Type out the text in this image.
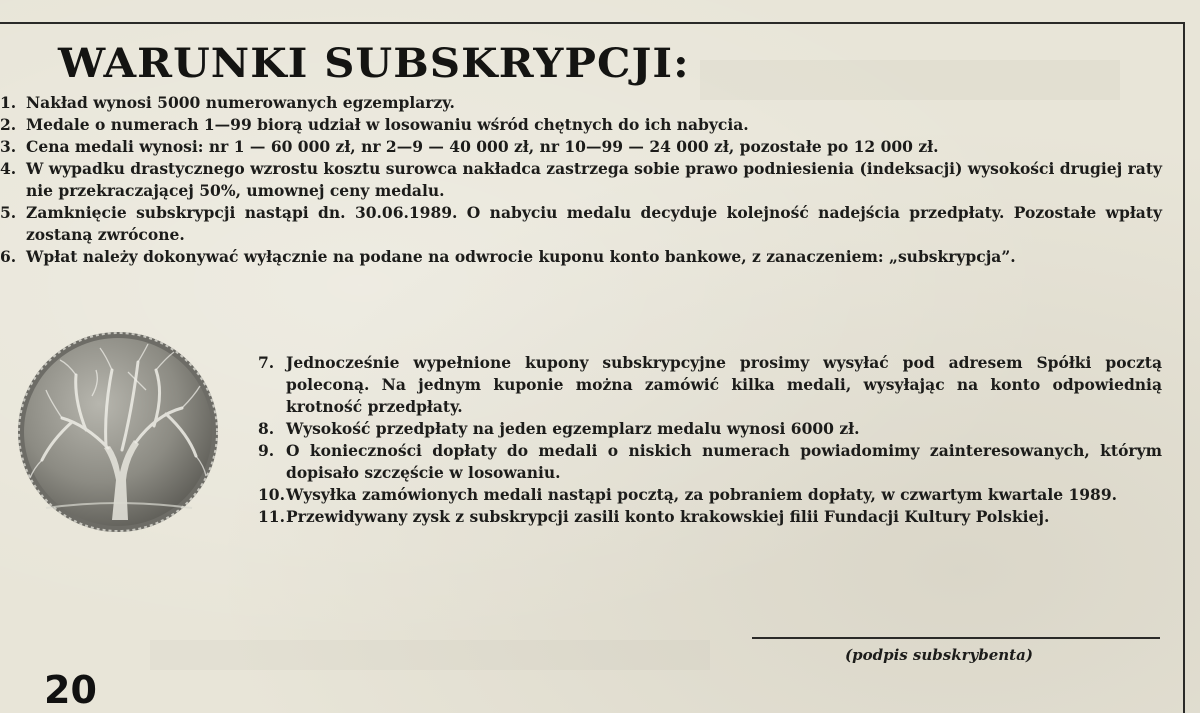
WARUNKI SUBSKRYPCJI:
1. Nakład wynosi 5000 numerowanych egzemplarzy.
2. Medale o numerach 1—99 biorą udział w losowaniu wśród chętnych do ich nabycia.
3. Cena medali wynosi: nr 1 — 60 000 zł, nr 2—9 — 40 000 zł, nr 10—99 — 24 000 zł, pozostałe po 12 000 zł.
4. W wypadku drastycznego wzrostu kosztu surowca nakładca zastrzega sobie prawo podniesienia (indeksacji) wysokości drugiej raty nie przekraczającej 50%, umownej ceny medalu.
5. Zamknięcie subskrypcji nastąpi dn. 30.06.1989. O nabyciu medalu decyduje kolejność nadejścia przedpłaty. Pozostałe wpłaty zostaną zwrócone.
6. Wpłat należy dokonywać wyłącznie na podane na odwrocie kuponu konto bankowe, z zanaczeniem: „subskrypcja”.
7. Jednocześnie wypełnione kupony subskrypcyjne prosimy wysyłać pod adresem Spółki pocztą poleconą. Na jednym kuponie można zamówić kilka medali, wysyłając na konto odpowiednią krotność przedpłaty.
8. Wysokość przedpłaty na jeden egzemplarz medalu wynosi 6000 zł.
9. O konieczności dopłaty do medali o niskich numerach powiadomimy zainteresowanych, którym dopisało szczęście w losowaniu.
10. Wysyłka zamówionych medali nastąpi pocztą, za pobraniem dopłaty, w czwartym kwartale 1989.
11. Przewidywany zysk z subskrypcji zasili konto krakowskiej filii Fundacji Kultury Polskiej.
(podpis subskrybenta)
20
